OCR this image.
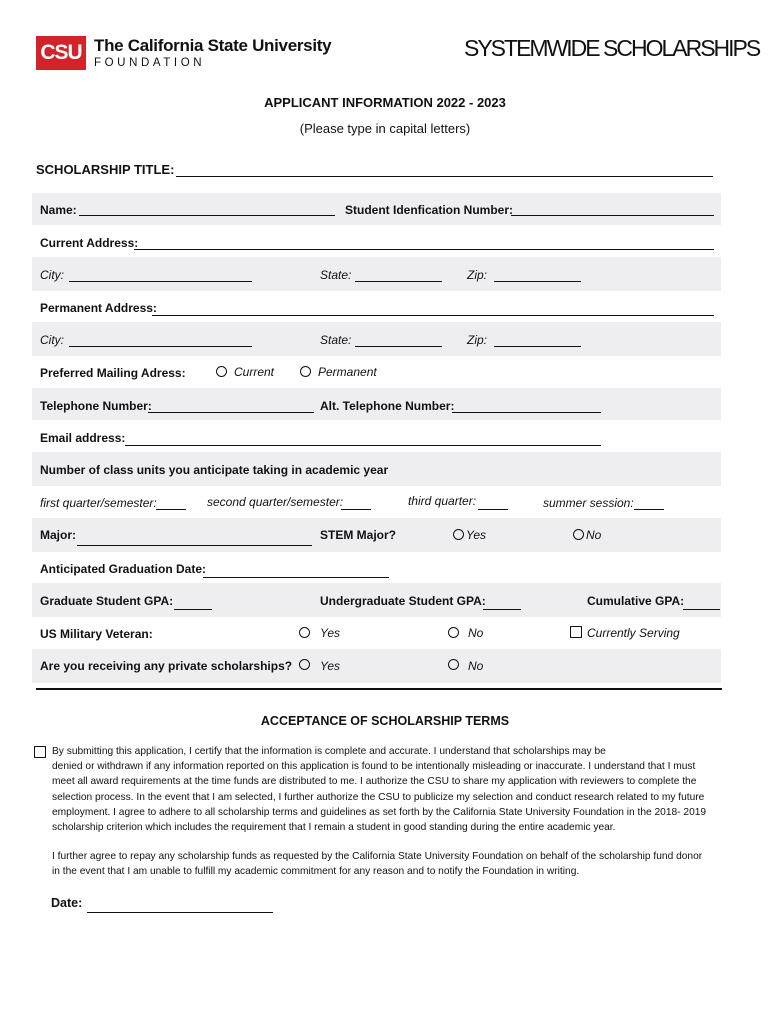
CSU The California State University
FOUNDATION
SYSTEMWIDE SCHOLARSHIPS
APPLICANT INFORMATION 2022 - 2023
(Please type in capital letters)
SCHOLARSHIP TITLE:
Name:	Student Idenfication Number:
Current Address:
City:	State:	Zip:
Permanent Address:
City:	State:	Zip:
Preferred Mailing Adress:	Current	Permanent
Telephone Number:	Alt. Telephone Number:
Email address:
Number of class units you anticipate taking in academic year
first quarter/semester:	second quarter/semester:	third quarter:	summer session:
Major:	STEM Major?	Yes	No
Anticipated Graduation Date:
Graduate Student GPA:	Undergraduate Student GPA:	Cumulative GPA:
US Military Veteran:	Yes	No	Currently Serving
Are you receiving any private scholarships? Yes	No
ACCEPTANCE OF SCHOLARSHIP TERMS
By submitting this application, I certify that the information is complete and accurate. I understand that scholarships may be
denied or withdrawn if any information reported on this application is found to be intentionally misleading or inaccurate. I understand that I must
meet all award requirements at the time funds are distributed to me. I authorize the CSU to share my application with reviewers to complete the
selection process. In the event that I am selected, I further authorize the CSU to publicize my selection and conduct research related to my future
employment. I agree to adhere to all scholarship terms and guidelines as set forth by the California State University Foundation in the 2018- 2019
scholarship criterion which includes the requirement that I remain a student in good standing during the entire academic year.
I further agree to repay any scholarship funds as requested by the California State University Foundation on behalf of the scholarship fund donor
in the event that I am unable to fulfill my academic commitment for any reason and to notify the Foundation in writing.
Date:
